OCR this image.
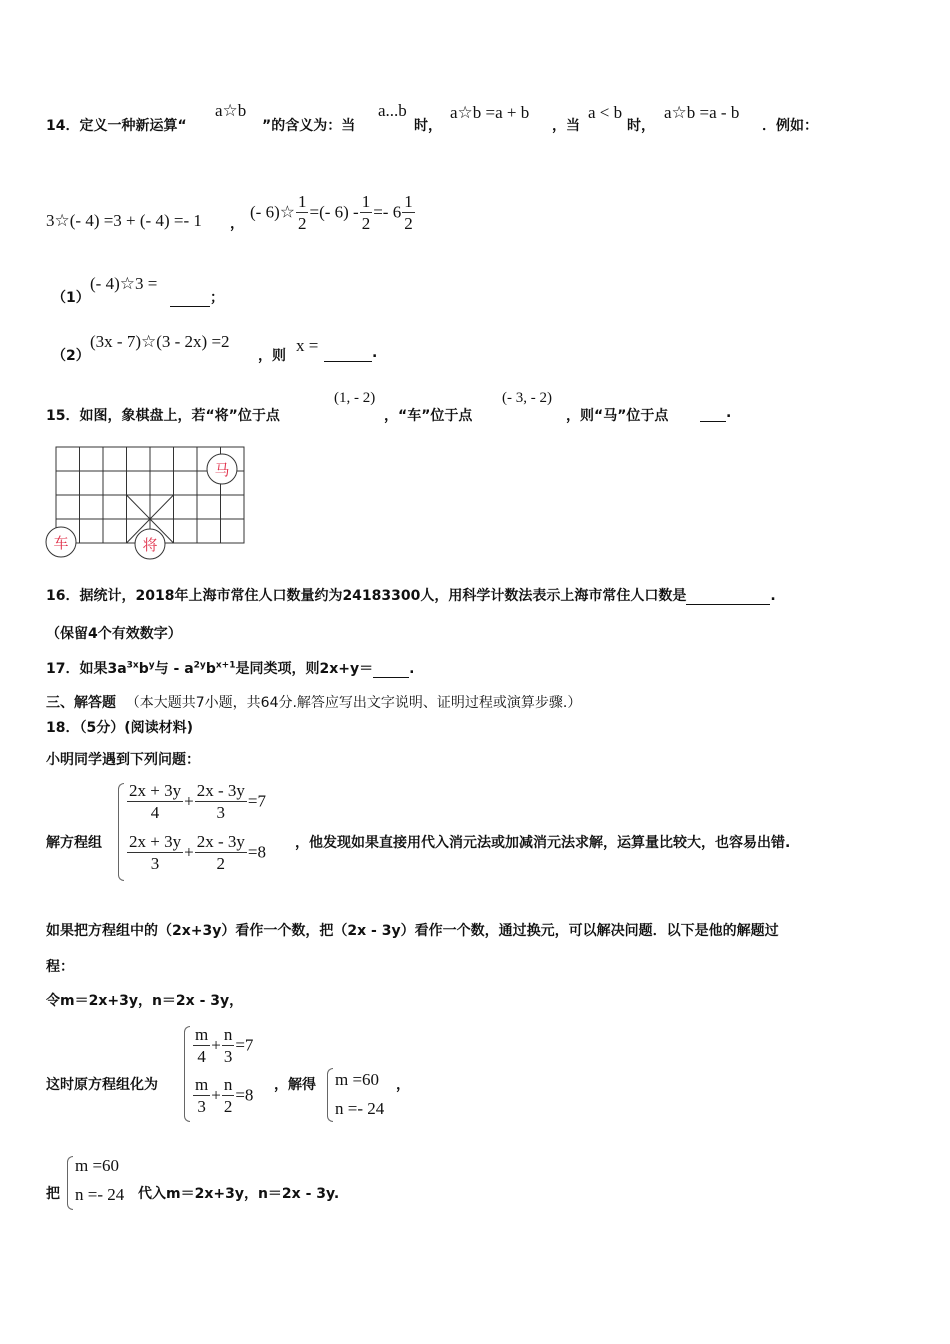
14．定义一种新运算“
a☆b
”的含义为：当
a...b
时，
a☆b =a + b
，当
a < b
时，
a☆b =a - b
．例如：
3☆(- 4) =3 + (- 4) =- 1 ，
(- 6)☆ $\frac{1}{2}$ =(- $6) - \frac{1}{2} =- 6 \frac{1}{2}$
（1）
(- 4)☆3 =
；
（2）
(3x - 7)☆(3 - 2x) =2
，则
x =	.
15．如图，象棋盘上，若“将”位于点
(1, - 2)
，“车”位于点
(- 3, - 2)
，则“马”位于点	.
马
车	将
16．据统计，2018年上海市常住人口数量约为24183300人，用科学计数法表示上海市常住人口数是	.
（保留4个有效数字）
17．如果$3a^{3x}b^y$与 - $a^{2y}b^{x+1}$是同类项，则2x+y＝	.
三、解答题 （本大题共7小题，共64分.解答应写出文字说明、证明过程或演算步骤.）
18．（5分）(阅读材料)
小明同学遇到下列问题：
解方程组
$\frac{2x + 3y}{4} + \frac{2x - 3y}{3} =7$
$\frac{2x + 3y}{3} + \frac{2x - 3y}{2} =8$ ，他发现如果直接用代入消元法或加减消元法求解，运算量比较大，也容易出错.
如果把方程组中的（2x+3y）看作一个数，把（2x - 3y）看作一个数，通过换元，可以解决问题．以下是他的解题过
程：
令m＝2x+3y，n＝2x - 3y，
这时原方程组化为
$\frac{m}{4} + \frac{n}{3} =7$
$\frac{m}{3} + \frac{n}{2} =8$
，解得 m =60
n =- 24
，
把
m =60
n =- 24 代入m＝2x+3y，n＝2x - 3y.
